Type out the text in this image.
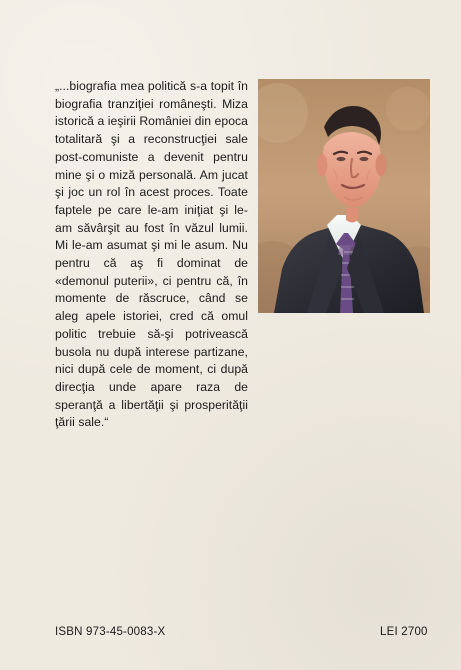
„...biografia mea politică s-a topit în biografia tranziţiei româneşti. Miza istorică a ieşirii României din epoca totalitară şi a reconstrucţiei sale post-comuniste a devenit pentru mine şi o miză personală. Am jucat şi joc un rol în acest proces. Toate faptele pe care le-am iniţiat şi le-am săvârşit au fost în văzul lumii. Mi le-am asumat şi mi le asum. Nu pentru că aş fi dominat de «demonul puterii», ci pentru că, în momente de răscruce, când se aleg apele istoriei, cred că omul politic trebuie să-şi potrivească busola nu după interese partizane, nici după cele de moment, ci după direcţia unde apare raza de speranţă a libertăţii şi prosperităţii ţării sale.“
ISBN 973-45-0083-X	LEI 2700
